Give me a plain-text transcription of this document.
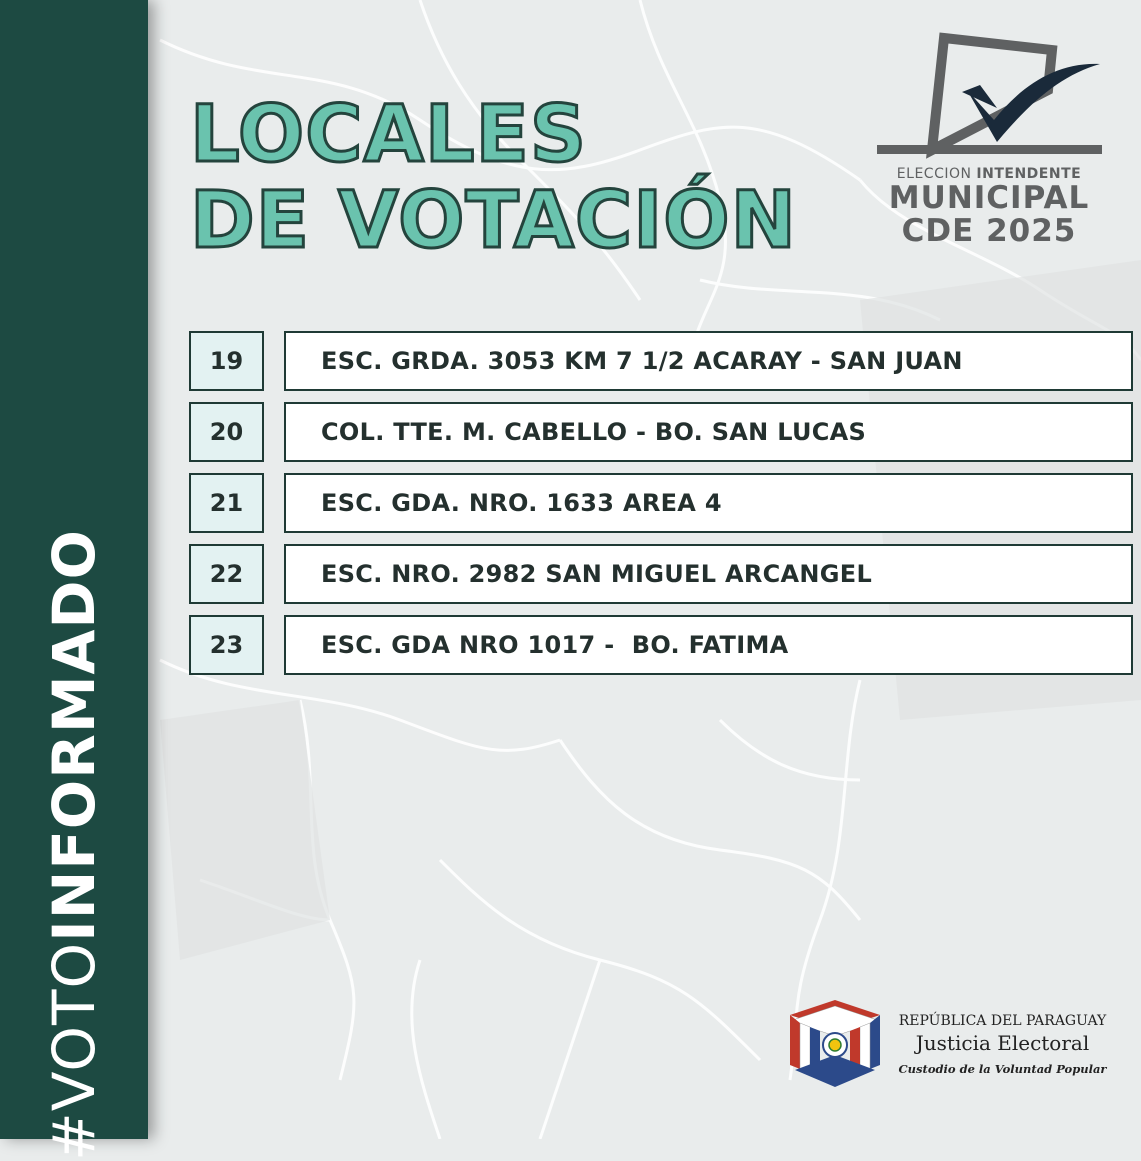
#VOTOINFORMADO
LOCALES
DE VOTACIÓN
ELECCION INTENDENTE
MUNICIPAL
CDE 2025
19	ESC. GRDA. 3053 KM 7 1/2 ACARAY - SAN JUAN
20	COL. TTE. M. CABELLO - BO. SAN LUCAS
21	ESC. GDA. NRO. 1633 AREA 4
22	ESC. NRO. 2982 SAN MIGUEL ARCANGEL
23	ESC. GDA NRO 1017 -  BO. FATIMA
REPÚBLICA DEL PARAGUAY
Justicia Electoral
Custodio de la Voluntad Popular
